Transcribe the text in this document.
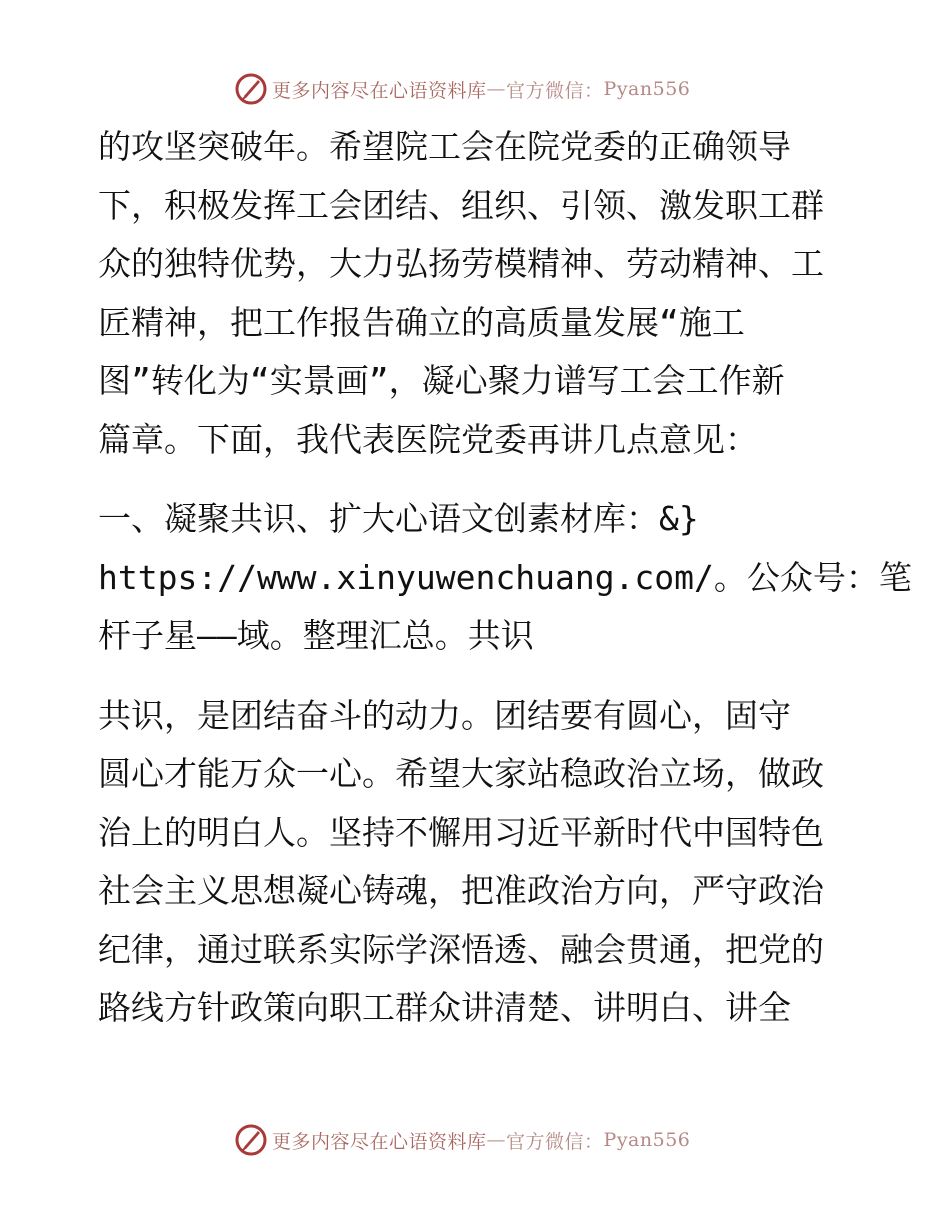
更多内容尽在心语资料库 — 官方微信： Pyan556
的攻坚突破年。希望院工会在院党委的正确领导
下，积极发挥工会团结、组织、引领、激发职工群
众的独特优势，大力弘扬劳模精神、劳动精神、工
匠精神，把工作报告确立的高质量发展“施工
图”转化为“实景画”，凝心聚力谱写工会工作新
篇章。下面，我代表医院党委再讲几点意见：
一、凝聚共识、扩大心语文创素材库：&}
https://www.xinyuwenchuang.com/。公众号：笔
杆子星——域。整理汇总。共识
共识，是团结奋斗的动力。团结要有圆心，固守
圆心才能万众一心。希望大家站稳政治立场，做政
治上的明白人。坚持不懈用习近平新时代中国特色
社会主义思想凝心铸魂，把准政治方向，严守政治
纪律，通过联系实际学深悟透、融会贯通，把党的
路线方针政策向职工群众讲清楚、讲明白、讲全
更多内容尽在心语资料库 — 官方微信： Pyan556
